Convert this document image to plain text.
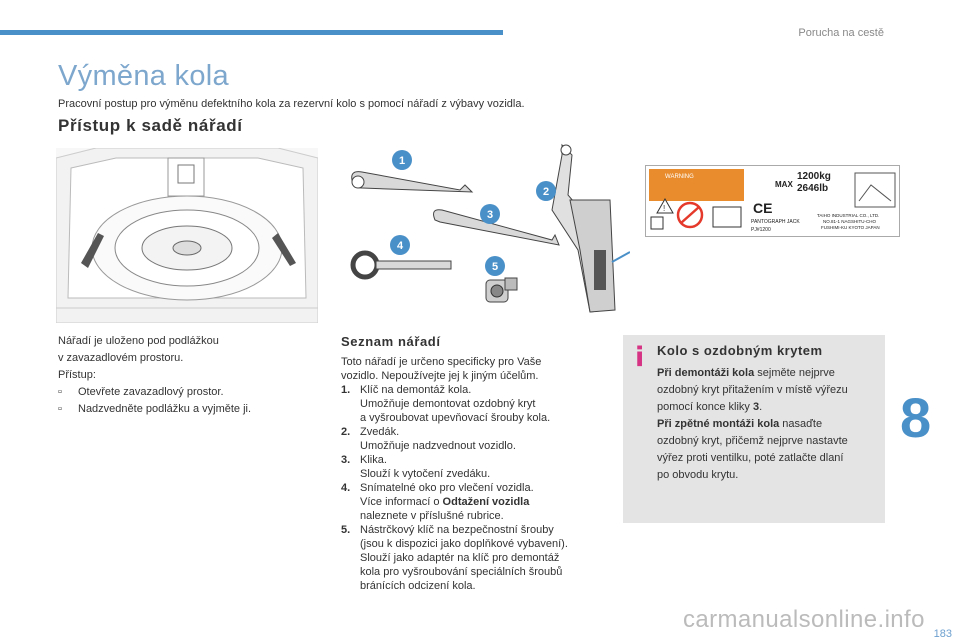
Porucha na cestě
Výměna kola
Pracovní postup pro výměnu defektního kola za rezervní kolo s pomocí nářadí z výbavy vozidla.
Přístup k sadě nářadí
1
3
4
5
2
WARNING
!	CE
MAX
1200kg
2646lb
PANTOGRAPH JACK
PJ#1200
TAIHO INDUSTRIAL CO., LTD.
NO.81-1 NAGSHITU-CHO
FUSHIMI-KU KYOTO JAPAN
Nářadí je uloženo pod podlážkou
v zavazadlovém prostoru.
Přístup:
▫	Otevřete zavazadlový prostor.
▫	Nadzvedněte podlážku a vyjměte ji.
Seznam nářadí
Toto nářadí je určeno specificky pro Vaše
vozidlo. Nepoužívejte jej k jiným účelům.
1. Klíč na demontáž kola.
Umožňuje demontovat ozdobný kryt
a vyšroubovat upevňovací šrouby kola.
2. Zvedák.
Umožňuje nadzvednout vozidlo.
3. Klika.
Slouží k vytočení zvedáku.
4. Snímatelné oko pro vlečení vozidla.
Více informací o Odtažení vozidla
naleznete v příslušné rubrice.
5. Nástrčkový klíč na bezpečnostní šrouby
(jsou k dispozici jako doplňkové vybavení).
Slouží jako adaptér na klíč pro demontáž
kola pro vyšroubování speciálních šroubů
bránících odcizení kola.
i Kolo s ozdobným krytem
Při demontáži kola sejměte nejprve
ozdobný kryt přitažením v místě výřezu
pomocí konce kliky 3.
Při zpětné montáži kola nasaďte
ozdobný kryt, přičemž nejprve nastavte
výřez proti ventilku, poté zatlačte dlaní
po obvodu krytu.
8
carmanualsonline.info
183
